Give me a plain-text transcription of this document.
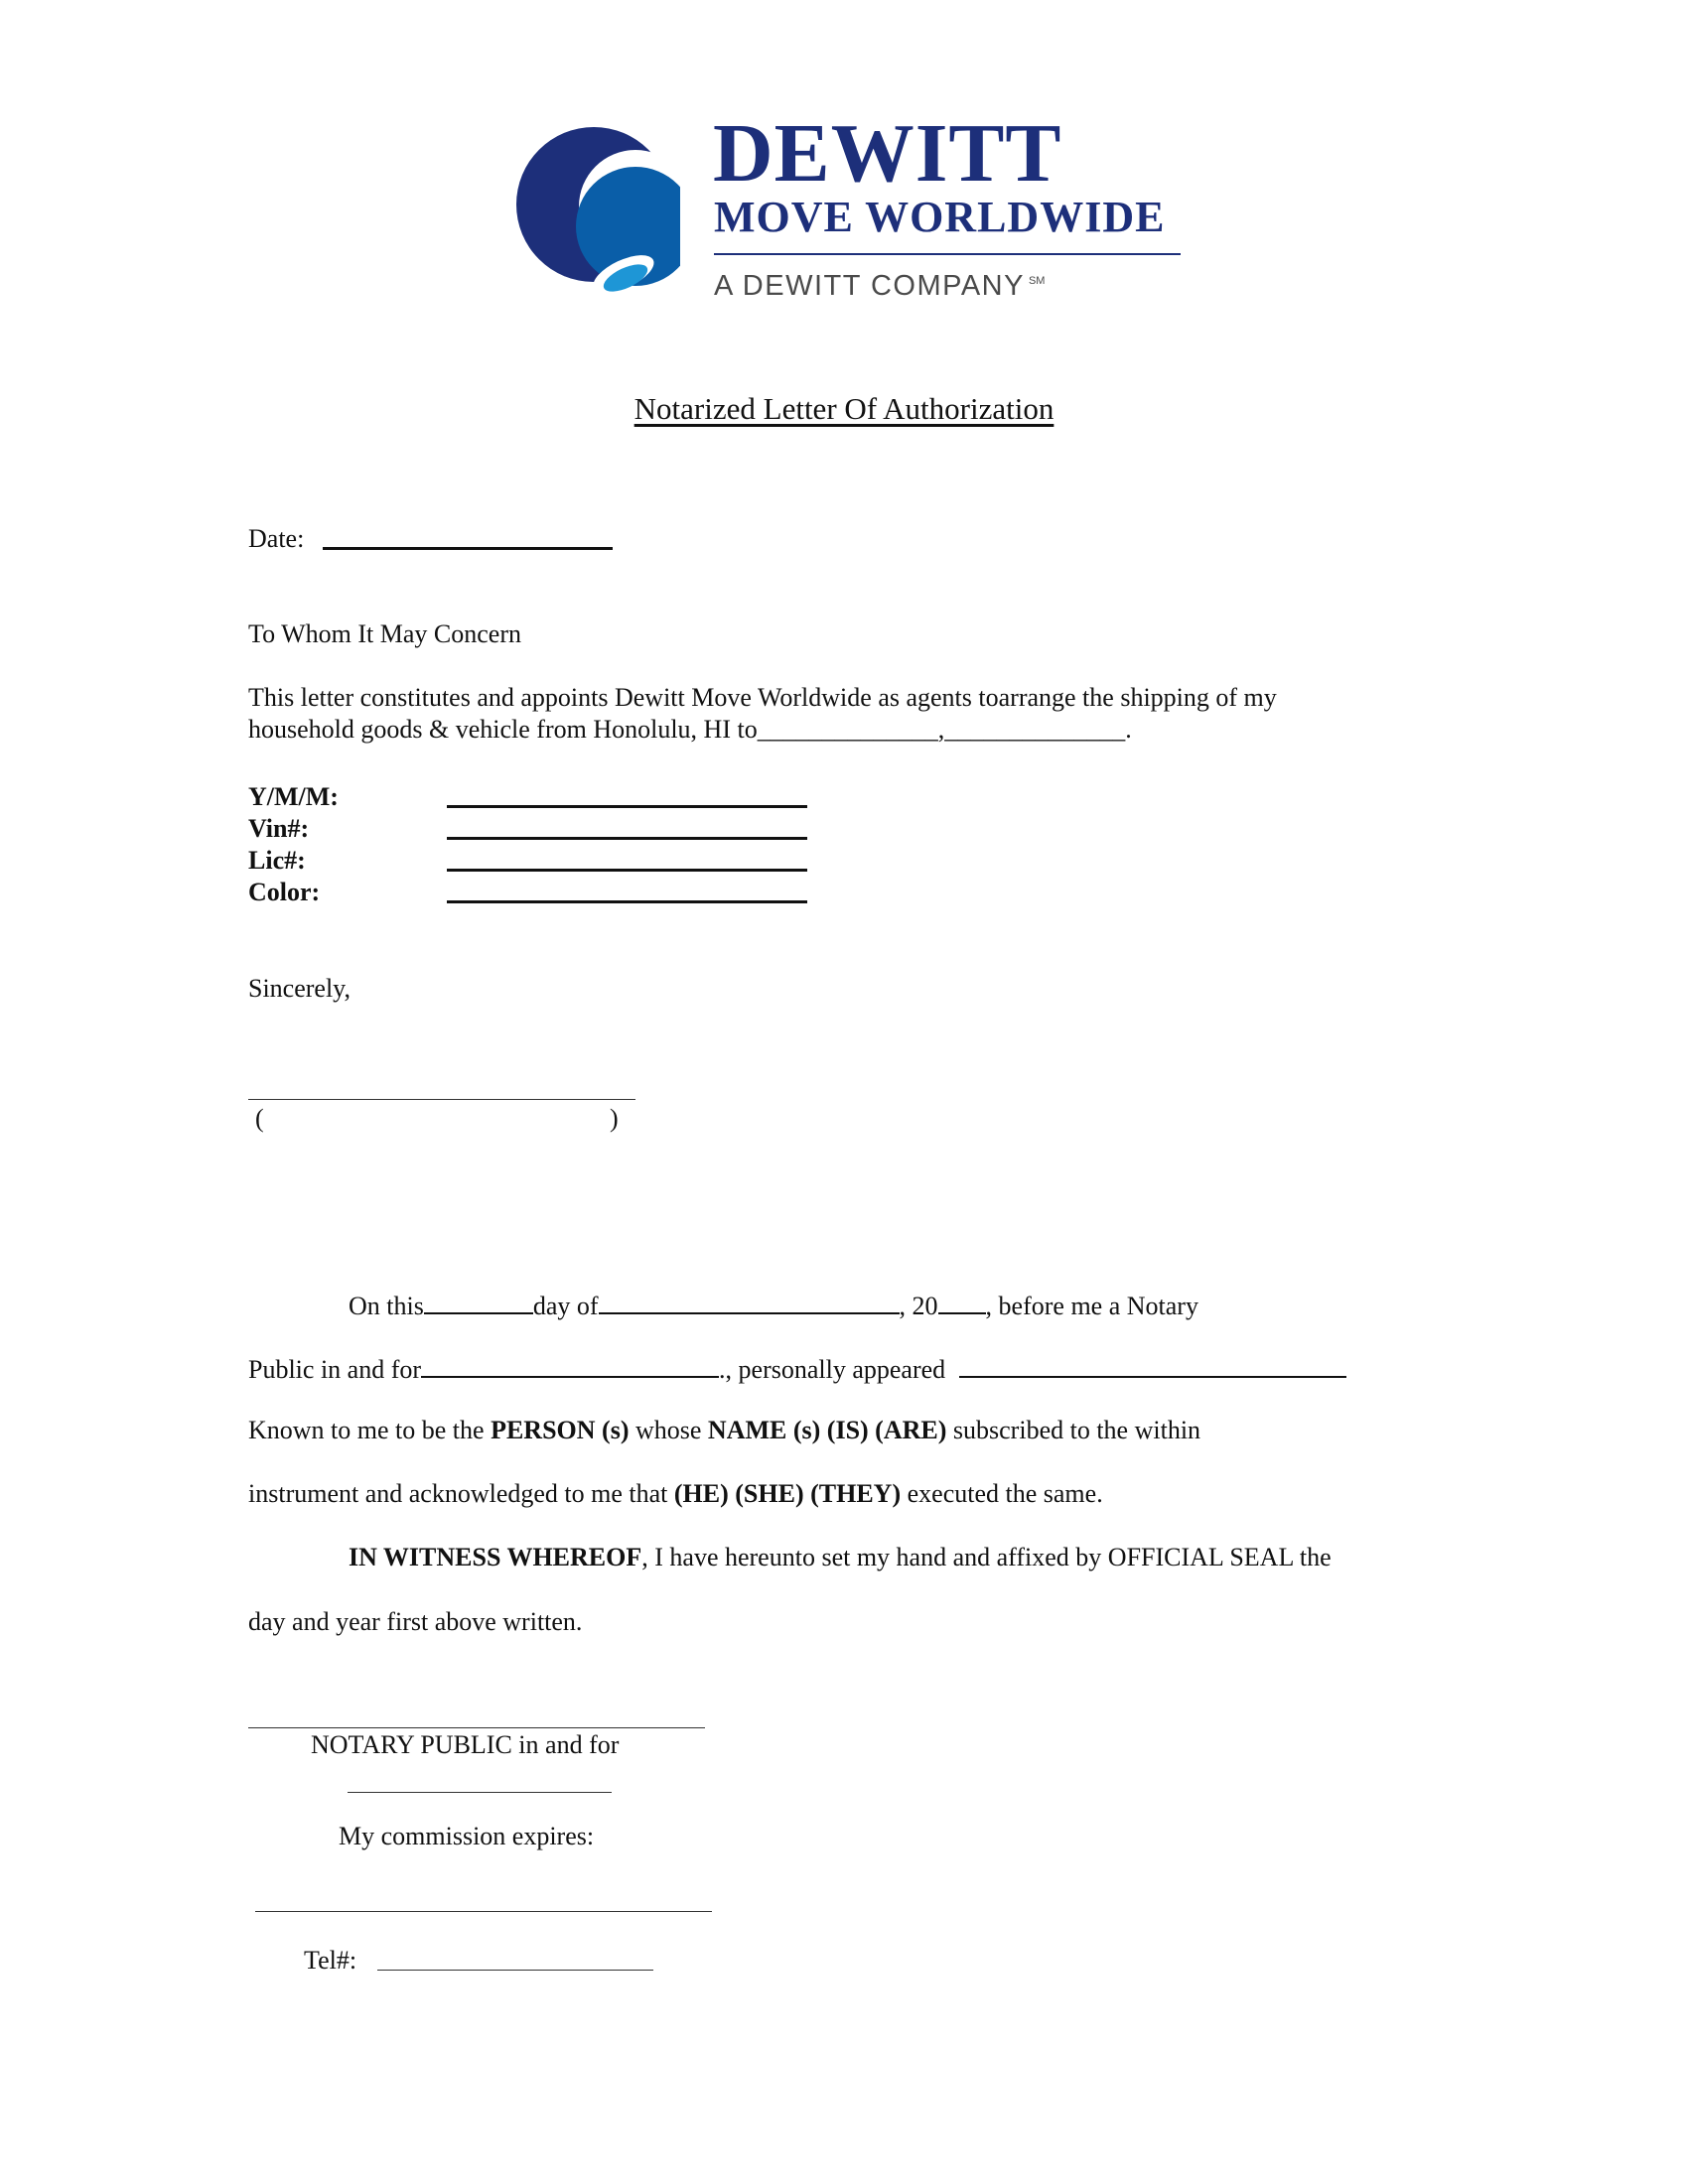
DEWITT
MOVE WORLDWIDE
A DEWITT COMPANY ℠
Notarized Letter Of Authorization
Date:
To Whom It May Concern
This letter constitutes and appoints Dewitt Move Worldwide as agents toarrange the shipping of my
household goods & vehicle from Honolulu, HI to______________,______________.
Y/M/M:
Vin#:
Lic#:
Color:
Sincerely,
(	)
On this	day of	, 20 , before me a Notary
Public in and for	., personally appeared
Known to me to be the PERSON (s) whose NAME (s) (IS) (ARE) subscribed to the within
instrument and acknowledged to me that (HE) (SHE) (THEY) executed the same.
IN WITNESS WHEREOF, I have hereunto set my hand and affixed by OFFICIAL SEAL the
day and year first above written.
NOTARY PUBLIC in and for
My commission expires:
Tel#:
